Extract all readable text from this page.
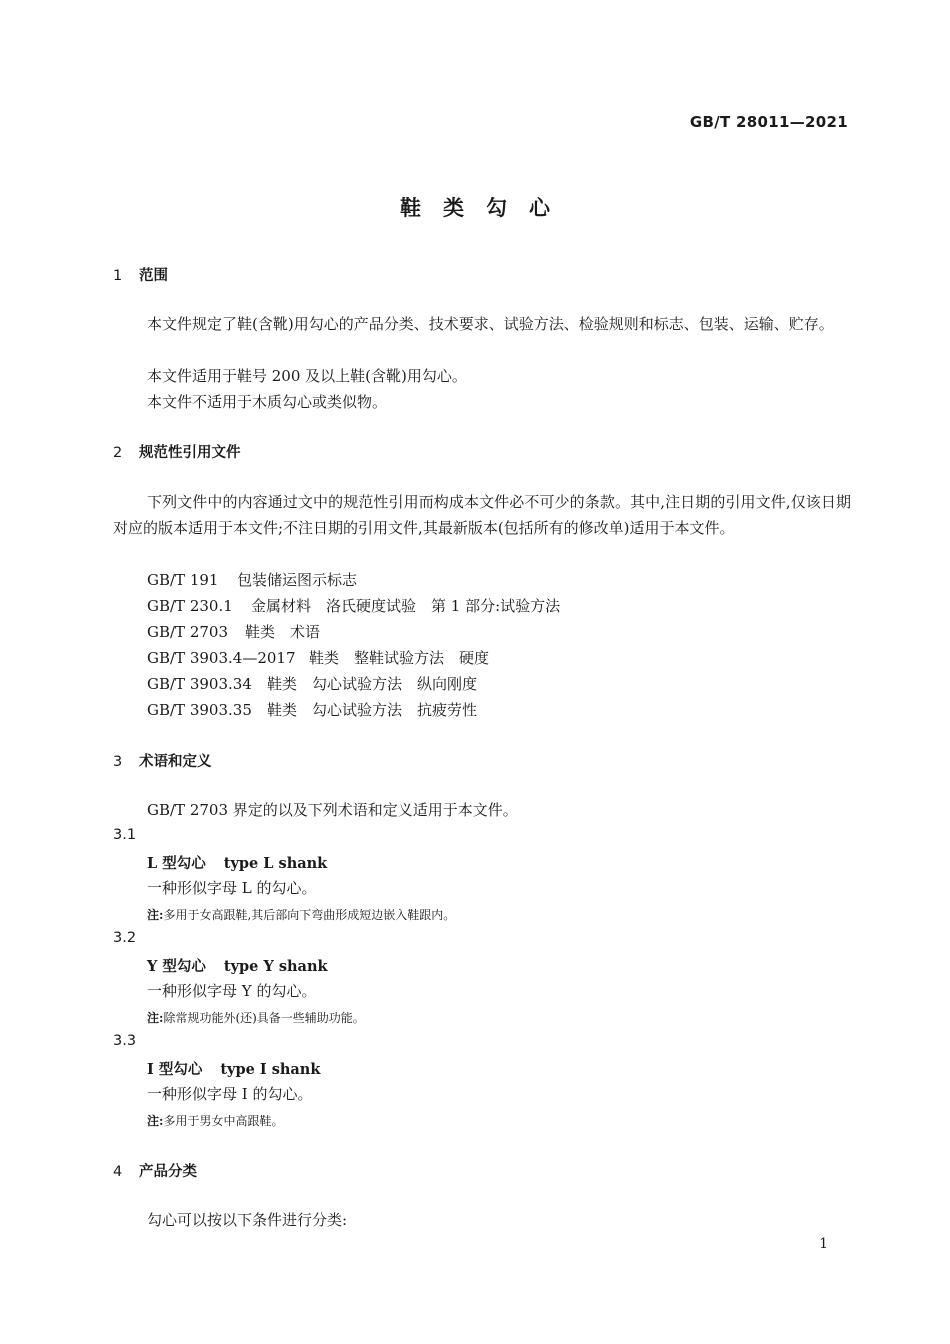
GB/T 28011—2021
鞋类勾心
1 范围
本文件规定了鞋(含靴)用勾心的产品分类、技术要求、试验方法、检验规则和标志、包装、运输、贮存。
本文件适用于鞋号 200 及以上鞋(含靴)用勾心。
本文件不适用于木质勾心或类似物。
2 规范性引用文件
下列文件中的内容通过文中的规范性引用而构成本文件必不可少的条款。其中,注日期的引用文件,仅该日期对应的版本适用于本文件;不注日期的引用文件,其最新版本(包括所有的修改单)适用于本文件。
GB/T 191 包装储运图示标志
GB/T 230.1 金属材料　洛氏硬度试验　第 1 部分:试验方法
GB/T 2703 鞋类　术语
GB/T 3903.4—2017 鞋类　整鞋试验方法　硬度
GB/T 3903.34 鞋类　勾心试验方法　纵向刚度
GB/T 3903.35 鞋类　勾心试验方法　抗疲劳性
3 术语和定义
GB/T 2703 界定的以及下列术语和定义适用于本文件。
3.1
L 型勾心 type L shank
一种形似字母 L 的勾心。
注:多用于女高跟鞋,其后部向下弯曲形成短边嵌入鞋跟内。
3.2
Y 型勾心 type Y shank
一种形似字母 Y 的勾心。
注:除常规功能外(还)具备一些辅助功能。
3.3
I 型勾心 type I shank
一种形似字母 I 的勾心。
注:多用于男女中高跟鞋。
4 产品分类
勾心可以按以下条件进行分类:
1
